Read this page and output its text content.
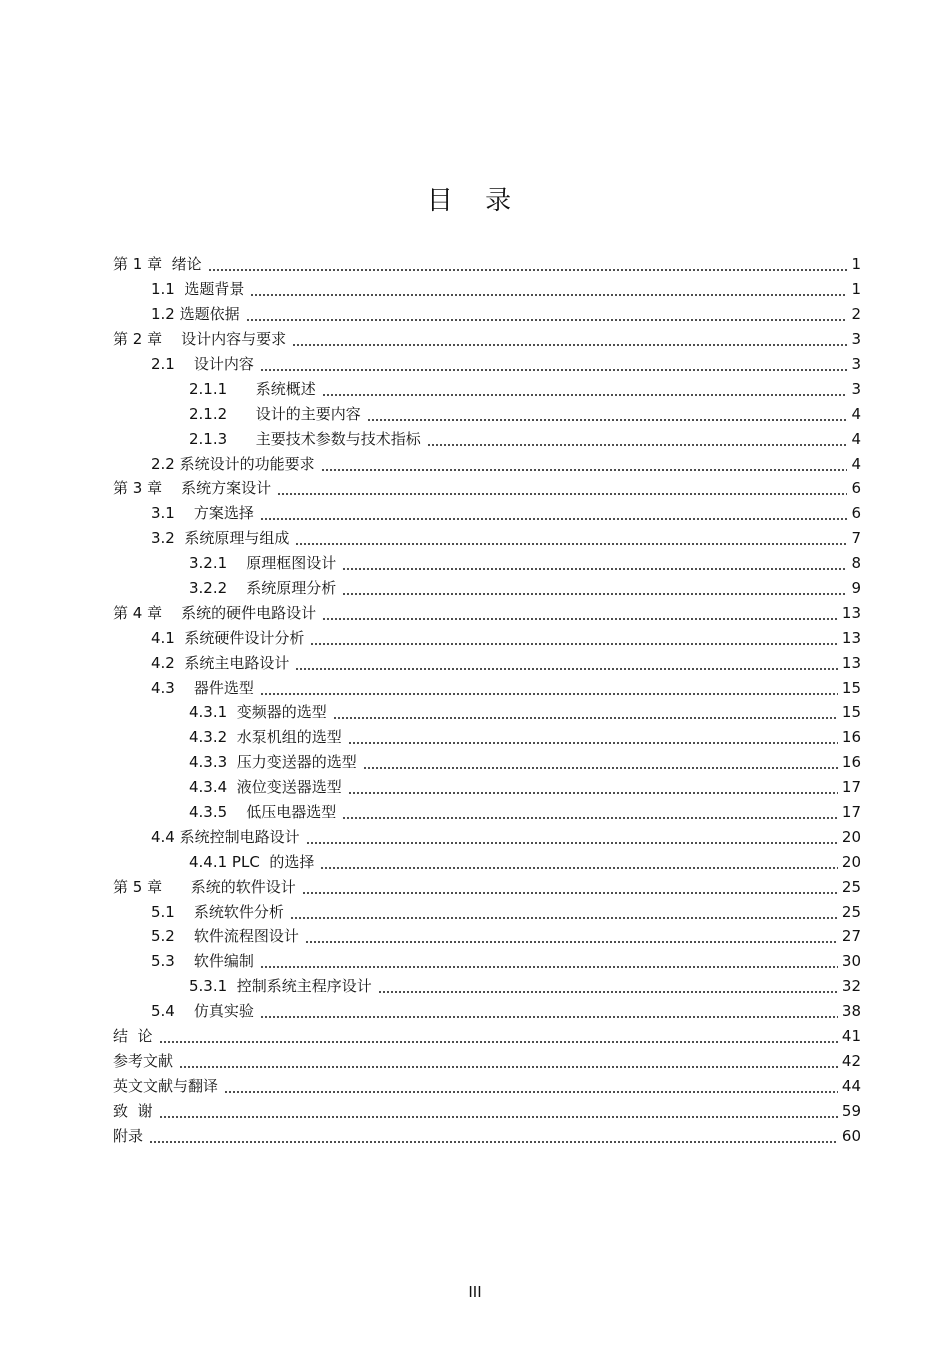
目 录
第 1 章  绪论	1
1.1  选题背景	1
1.2 选题依据	2
第 2 章    设计内容与要求	3
2.1    设计内容	3
2.1.1      系统概述	3
2.1.2      设计的主要内容	4
2.1.3      主要技术参数与技术指标	4
2.2 系统设计的功能要求	4
第 3 章    系统方案设计	6
3.1    方案选择	6
3.2  系统原理与组成	7
3.2.1    原理框图设计	8
3.2.2    系统原理分析	9
第 4 章    系统的硬件电路设计	13
4.1  系统硬件设计分析	13
4.2  系统主电路设计	13
4.3    器件选型	15
4.3.1  变频器的选型	15
4.3.2  水泵机组的选型	16
4.3.3  压力变送器的选型	16
4.3.4  液位变送器选型	17
4.3.5    低压电器选型	17
4.4 系统控制电路设计	20
4.4.1 PLC  的选择	20
第 5 章      系统的软件设计	25
5.1    系统软件分析	25
5.2    软件流程图设计	27
5.3    软件编制	30
5.3.1  控制系统主程序设计	32
5.4    仿真实验	38
结  论	41
参考文献	42
英文文献与翻译	44
致  谢	59
附录	60
III
